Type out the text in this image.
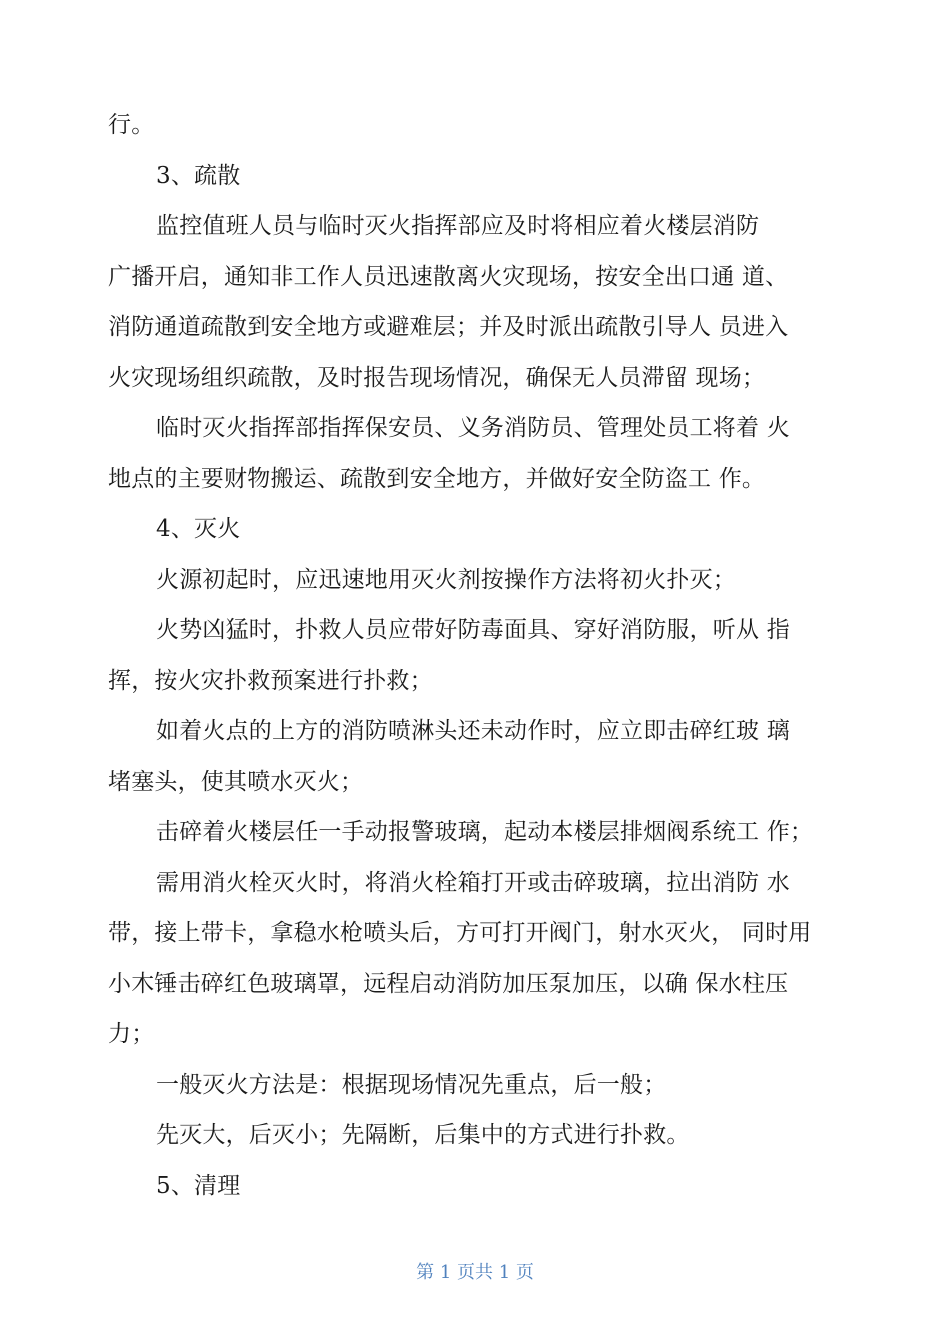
行。
3、疏散
监控值班人员与临时灭火指挥部应及时将相应着火楼层消防
广播开启，通知非工作人员迅速散离火灾现场，按安全出口通 道、
消防通道疏散到安全地方或避难层；并及时派出疏散引导人 员进入
火灾现场组织疏散，及时报告现场情况，确保无人员滞留 现场；
临时灭火指挥部指挥保安员、义务消防员、管理处员工将着 火
地点的主要财物搬运、疏散到安全地方，并做好安全防盗工 作。
4、灭火
火源初起时，应迅速地用灭火剂按操作方法将初火扑灭；
火势凶猛时，扑救人员应带好防毒面具、穿好消防服，听从 指
挥，按火灾扑救预案进行扑救；
如着火点的上方的消防喷淋头还未动作时，应立即击碎红玻 璃
堵塞头，使其喷水灭火；
击碎着火楼层任一手动报警玻璃，起动本楼层排烟阀系统工 作；
需用消火栓灭火时，将消火栓箱打开或击碎玻璃，拉出消防 水
带，接上带卡，拿稳水枪喷头后，方可打开阀门，射水灭火， 同时用
小木锤击碎红色玻璃罩，远程启动消防加压泵加压，以确 保水柱压
力；
一般灭火方法是：根据现场情况先重点，后一般；
先灭大，后灭小；先隔断，后集中的方式进行扑救。
5、清理
第 1 页共 1 页
